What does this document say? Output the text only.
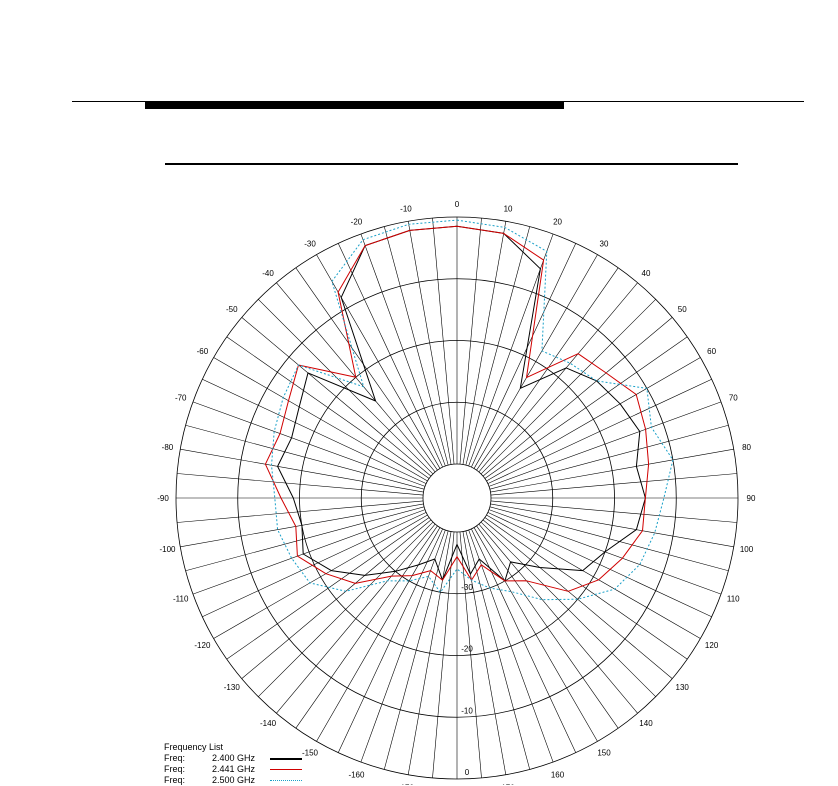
0	10
20
30
40
50
60
70
80
90
100
110
120
130
140
150
160
-160
-150
-140
-130
-120
-110
-100
-90
-80
-70
-60
-50
-40
-30
-20
-10
0
-10
-20
-30
Frequency List
Freq:	2.400 GHz
Freq:	2.441 GHz
Freq:	2.500 GHz
